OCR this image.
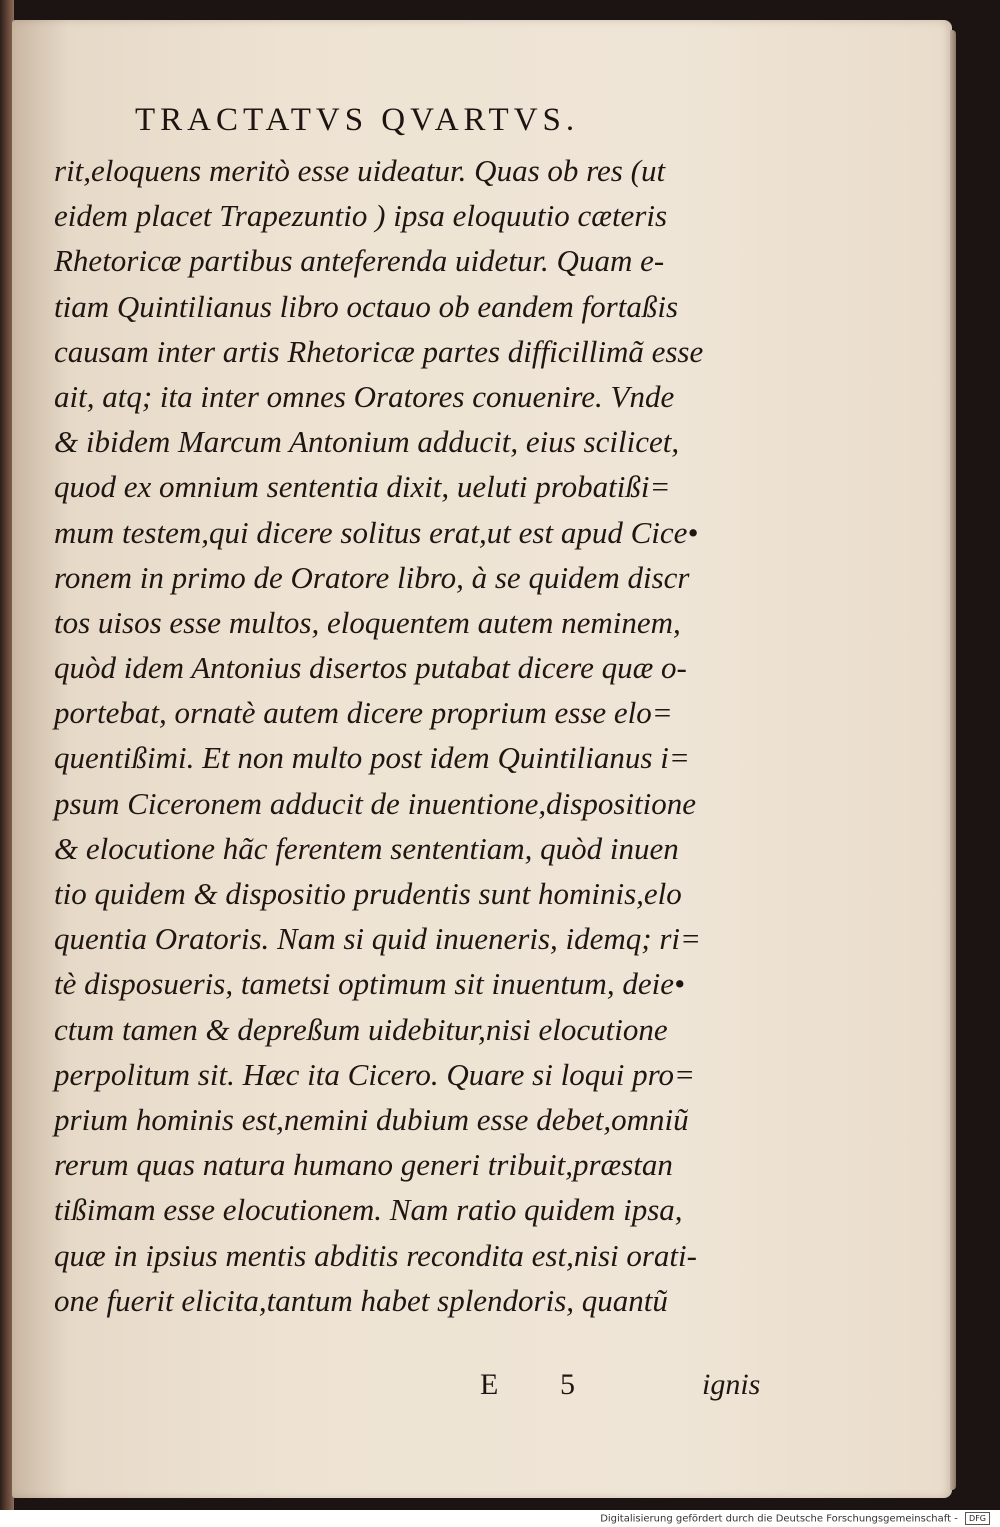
TRACTATVS QVARTVS.
rit,eloquens meritò esse uideatur. Quas ob res (ut
eidem placet Trapezuntio ) ipsa eloquutio cæteris
Rhetoricæ partibus anteferenda uidetur. Quam e-
tiam Quintilianus libro octauo ob eandem fortaßis
causam inter artis Rhetoricæ partes difficillimã esse
ait, atq; ita inter omnes Oratores conuenire. Vnde
& ibidem Marcum Antonium adducit, eius scilicet,
quod ex omnium sententia dixit, ueluti probatißi=
mum testem,qui dicere solitus erat,ut est apud Cice•
ronem in primo de Oratore libro, à se quidem discr
tos uisos esse multos, eloquentem autem neminem,
quòd idem Antonius disertos putabat dicere quæ o-
portebat, ornatè autem dicere proprium esse elo=
quentißimi. Et non multo post idem Quintilianus i=
psum Ciceronem adducit de inuentione,dispositione
& elocutione hãc ferentem sententiam, quòd inuen
tio quidem & dispositio prudentis sunt hominis,elo
quentia Oratoris. Nam si quid inueneris, idemq; ri=
tè disposueris, tametsi optimum sit inuentum, deie•
ctum tamen & depreßum uidebitur,nisi elocutione
perpolitum sit. Hæc ita Cicero. Quare si loqui pro=
prium hominis est,nemini dubium esse debet,omniũ
rerum quas natura humano generi tribuit,præstan
tißimam esse elocutionem. Nam ratio quidem ipsa,
quæ in ipsius mentis abditis recondita est,nisi orati-
one fuerit elicita,tantum habet splendoris, quantũ
E 5	ignis
Digitalisierung gefördert durch die Deutsche Forschungsgemeinschaft - DFG
